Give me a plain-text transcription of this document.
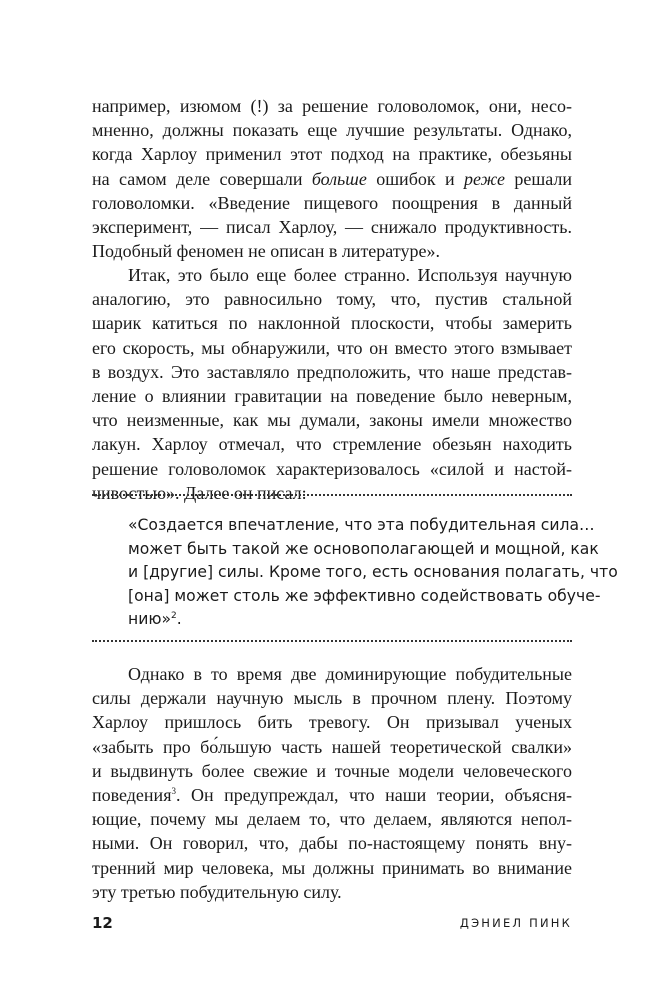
например, изюмом (!) за решение головоломок, они, несо-
мненно, должны показать еще лучшие результаты. Однако,
когда Харлоу применил этот подход на практике, обезьяны
на самом деле совершали больше ошибок и реже решали
головоломки. «Введение пищевого поощрения в данный
эксперимент, — писал Харлоу, — снижало продуктивность.
Подобный феномен не описан в литературе».
Итак, это было еще более странно. Используя научную
аналогию, это равносильно тому, что, пустив стальной
шарик катиться по наклонной плоскости, чтобы замерить
его скорость, мы обнаружили, что он вместо этого взмывает
в воздух. Это заставляло предположить, что наше представ-
ление о влиянии гравитации на поведение было неверным,
что неизменные, как мы думали, законы имели множество
лакун. Харлоу отмечал, что стремление обезьян находить
решение головоломок характеризовалось «силой и настой-
чивостью». Далее он писал:
«Создается впечатление, что эта побудительная сила…
может быть такой же основополагающей и мощной, как
и [другие] силы. Кроме того, есть основания полагать, что
[она] может столь же эффективно содействовать обуче-
нию»$^2$.
Однако в то время две доминирующие побудительные
силы держали научную мысль в прочном плену. Поэтому
Харлоу пришлось бить тревогу. Он призывал ученых
«забыть про бо́льшую часть нашей теоретической свалки»
и выдвинуть более свежие и точные модели человеческого
поведения$^3$. Он предупреждал, что наши теории, объясня-
ющие, почему мы делаем то, что делаем, являются непол-
ными. Он говорил, что, дабы по-настоящему понять вну-
тренний мир человека, мы должны принимать во внимание
эту третью побудительную силу.
12	ДЭНИЕЛ ПИНК
